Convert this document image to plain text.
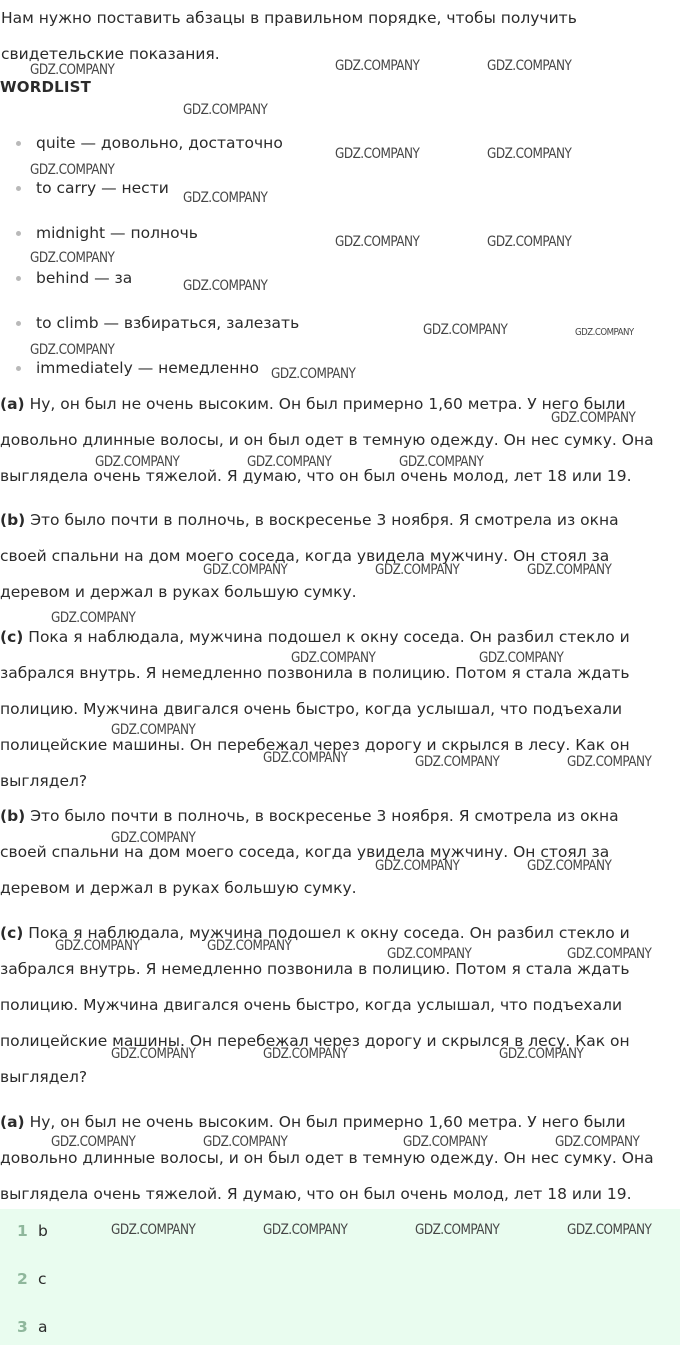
Нам нужно поставить абзацы в правильном порядке, чтобы получить
свидетельские показания.
WORDLIST
quite — довольно, достаточно
to carry — нести
midnight — полночь
behind — за
to climb — взбираться, залезать
immediately — немедленно
(a) Ну, он был не очень высоким. Он был примерно 1,60 метра. У него были
довольно длинные волосы, и он был одет в темную одежду. Он нес сумку. Она
выглядела очень тяжелой. Я думаю, что он был очень молод, лет 18 или 19.
(b) Это было почти в полночь, в воскресенье 3 ноября. Я смотрела из окна
своей спальни на дом моего соседа, когда увидела мужчину. Он стоял за
деревом и держал в руках большую сумку.
(c) Пока я наблюдала, мужчина подошел к окну соседа. Он разбил стекло и
забрался внутрь. Я немедленно позвонила в полицию. Потом я стала ждать
полицию. Мужчина двигался очень быстро, когда услышал, что подъехали
полицейские машины. Он перебежал через дорогу и скрылся в лесу. Как он
выглядел?
(b) Это было почти в полночь, в воскресенье 3 ноября. Я смотрела из окна
своей спальни на дом моего соседа, когда увидела мужчину. Он стоял за
деревом и держал в руках большую сумку.
(c) Пока я наблюдала, мужчина подошел к окну соседа. Он разбил стекло и
забрался внутрь. Я немедленно позвонила в полицию. Потом я стала ждать
полицию. Мужчина двигался очень быстро, когда услышал, что подъехали
полицейские машины. Он перебежал через дорогу и скрылся в лесу. Как он
выглядел?
(a) Ну, он был не очень высоким. Он был примерно 1,60 метра. У него были
довольно длинные волосы, и он был одет в темную одежду. Он нес сумку. Она
выглядела очень тяжелой. Я думаю, что он был очень молод, лет 18 или 19.
1 b
2 c
3 a
GDZ.COMPANY	GDZ.COMPANY	GDZ.COMPANY
GDZ.COMPANY
GDZ.COMPANY
GDZ.COMPANY	GDZ.COMPANY
GDZ.COMPANY
GDZ.COMPANY	GDZ.COMPANY
GDZ.COMPANY
GDZ.COMPANY
GDZ.COMPANY	GDZ.COMPANY
GDZ.COMPANY
GDZ.COMPANY
GDZ.COMPANY
GDZ.COMPANY	GDZ.COMPANY	GDZ.COMPANY
GDZ.COMPANY	GDZ.COMPANY	GDZ.COMPANY
GDZ.COMPANY
GDZ.COMPANY	GDZ.COMPANY
GDZ.COMPANY
GDZ.COMPANY	GDZ.COMPANY	GDZ.COMPANY
GDZ.COMPANY
GDZ.COMPANY	GDZ.COMPANY
GDZ.COMPANY	GDZ.COMPANY	GDZ.COMPANY	GDZ.COMPANY
GDZ.COMPANY	GDZ.COMPANY	GDZ.COMPANY
GDZ.COMPANY	GDZ.COMPANY	GDZ.COMPANY	GDZ.COMPANY
GDZ.COMPANY	GDZ.COMPANY	GDZ.COMPANY	GDZ.COMPANY
